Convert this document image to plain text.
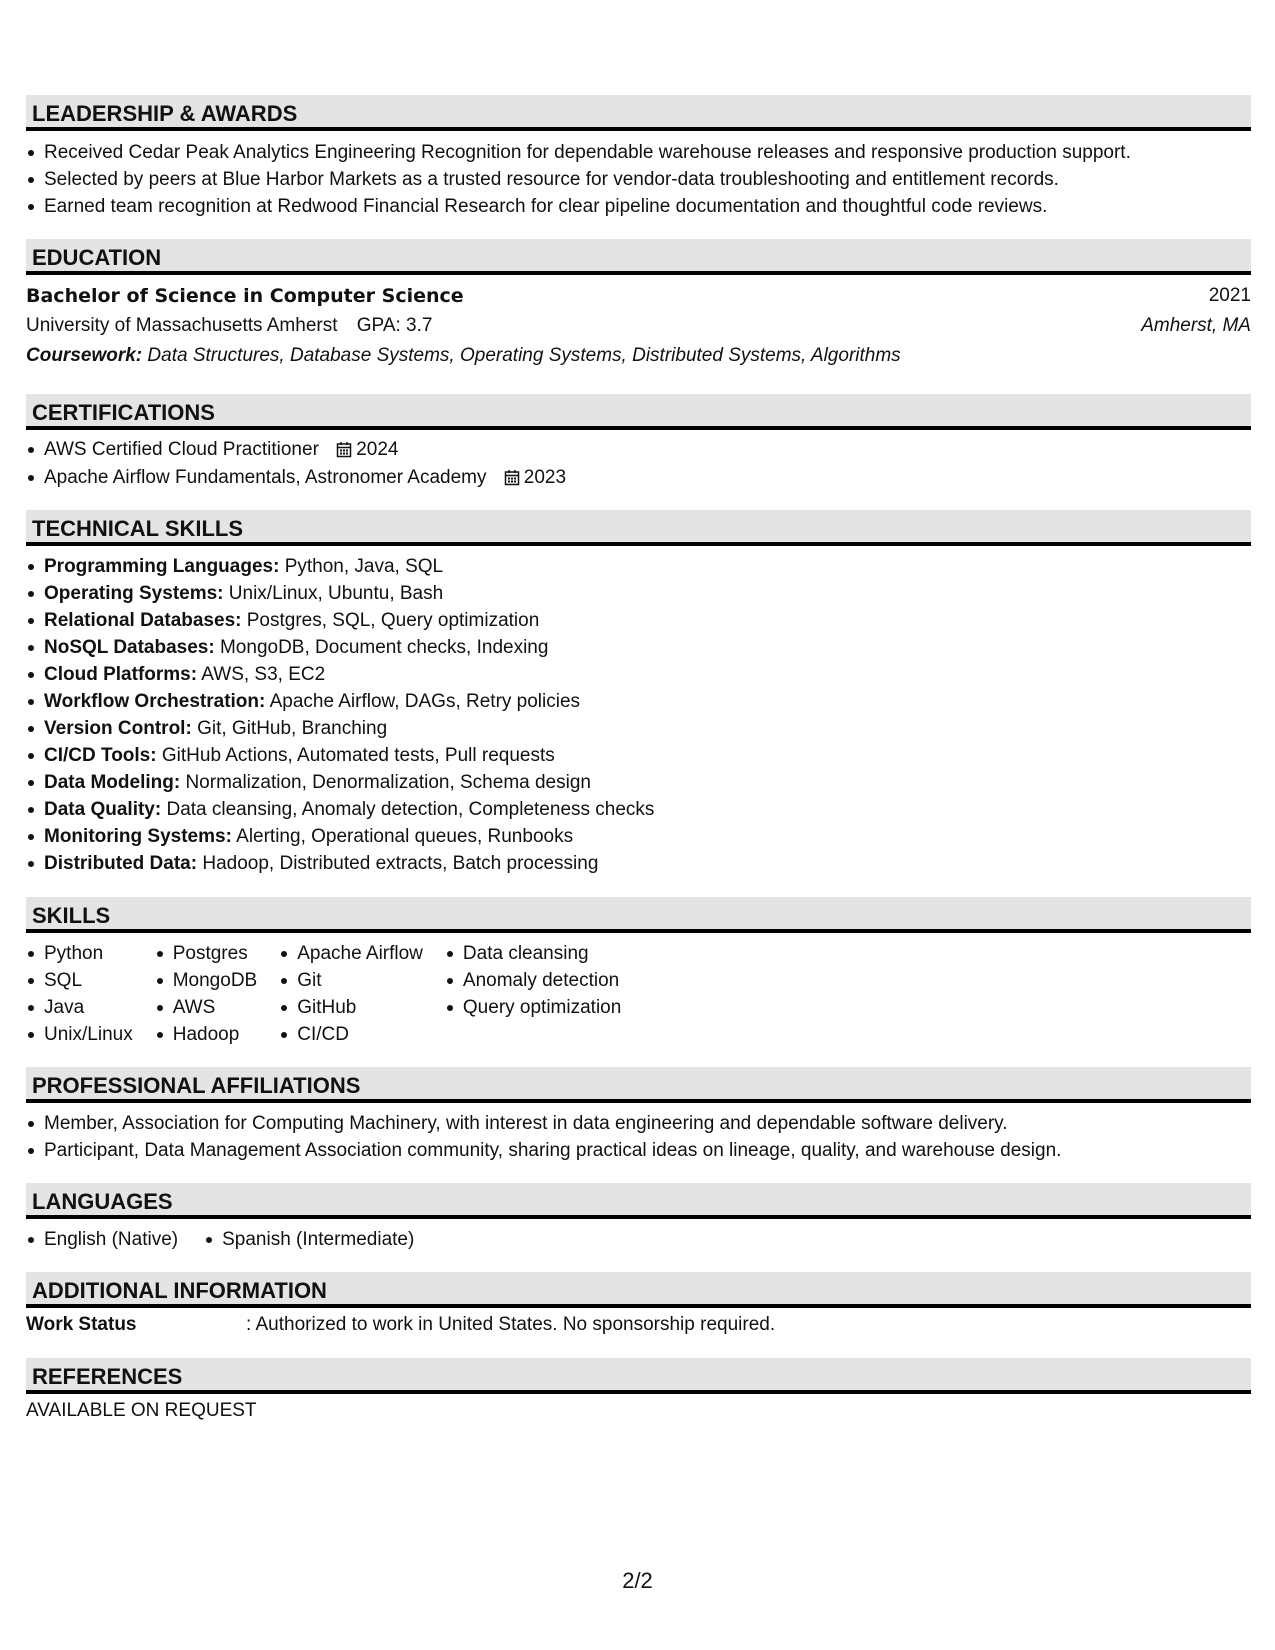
LEADERSHIP & AWARDS
Received Cedar Peak Analytics Engineering Recognition for dependable warehouse releases and responsive production support.
Selected by peers at Blue Harbor Markets as a trusted resource for vendor-data troubleshooting and entitlement records.
Earned team recognition at Redwood Financial Research for clear pipeline documentation and thoughtful code reviews.
EDUCATION
Bachelor of Science in Computer Science	2021
University of Massachusetts Amherst GPA: 3.7	Amherst, MA
Coursework: Data Structures, Database Systems, Operating Systems, Distributed Systems, Algorithms
CERTIFICATIONS
AWS Certified Cloud Practitioner 2024
Apache Airflow Fundamentals, Astronomer Academy 2023
TECHNICAL SKILLS
Programming Languages: Python, Java, SQL
Operating Systems: Unix/Linux, Ubuntu, Bash
Relational Databases: Postgres, SQL, Query optimization
NoSQL Databases: MongoDB, Document checks, Indexing
Cloud Platforms: AWS, S3, EC2
Workflow Orchestration: Apache Airflow, DAGs, Retry policies
Version Control: Git, GitHub, Branching
CI/CD Tools: GitHub Actions, Automated tests, Pull requests
Data Modeling: Normalization, Denormalization, Schema design
Data Quality: Data cleansing, Anomaly detection, Completeness checks
Monitoring Systems: Alerting, Operational queues, Runbooks
Distributed Data: Hadoop, Distributed extracts, Batch processing
SKILLS
Python
SQL
Java
Unix/Linux
Postgres
MongoDB
AWS
Hadoop
Apache Airflow
Git
GitHub
CI/CD
Data cleansing
Anomaly detection
Query optimization
PROFESSIONAL AFFILIATIONS
Member, Association for Computing Machinery, with interest in data engineering and dependable software delivery.
Participant, Data Management Association community, sharing practical ideas on lineage, quality, and warehouse design.
LANGUAGES
English (Native) Spanish (Intermediate)
ADDITIONAL INFORMATION
Work Status	: Authorized to work in United States. No sponsorship required.
REFERENCES
AVAILABLE ON REQUEST
2/2
